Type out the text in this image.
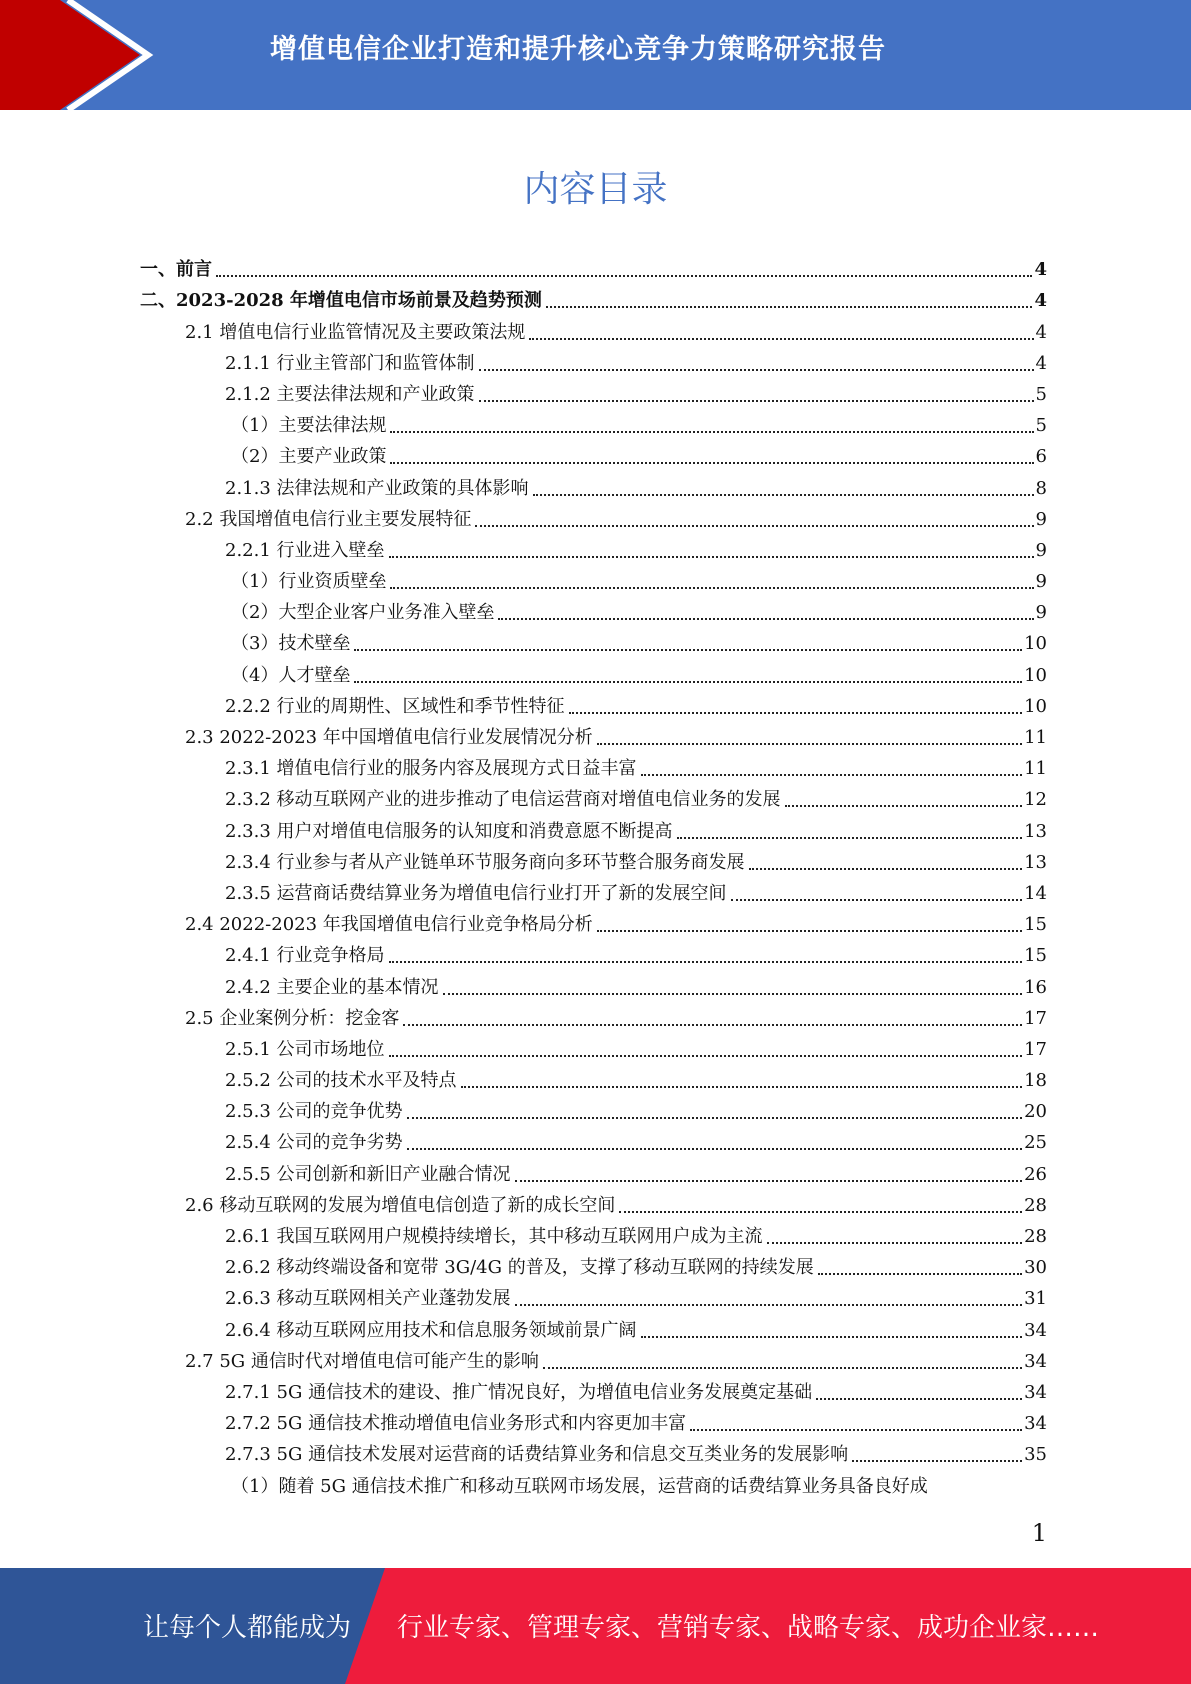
增值电信企业打造和提升核心竞争力策略研究报告
内容目录
一、前言	4
二、2023-2028 年增值电信市场前景及趋势预测	4
2.1 增值电信行业监管情况及主要政策法规	4
2.1.1 行业主管部门和监管体制	4
2.1.2 主要法律法规和产业政策	5
（1）主要法律法规	5
（2）主要产业政策	6
2.1.3 法律法规和产业政策的具体影响	8
2.2 我国增值电信行业主要发展特征	9
2.2.1 行业进入壁垒	9
（1）行业资质壁垒	9
（2）大型企业客户业务准入壁垒	9
（3）技术壁垒	10
（4）人才壁垒	10
2.2.2 行业的周期性、区域性和季节性特征	10
2.3 2022-2023 年中国增值电信行业发展情况分析	11
2.3.1 增值电信行业的服务内容及展现方式日益丰富	11
2.3.2 移动互联网产业的进步推动了电信运营商对增值电信业务的发展	12
2.3.3 用户对增值电信服务的认知度和消费意愿不断提高	13
2.3.4 行业参与者从产业链单环节服务商向多环节整合服务商发展	13
2.3.5 运营商话费结算业务为增值电信行业打开了新的发展空间	14
2.4 2022-2023 年我国增值电信行业竞争格局分析	15
2.4.1 行业竞争格局	15
2.4.2 主要企业的基本情况	16
2.5 企业案例分析：挖金客	17
2.5.1 公司市场地位	17
2.5.2 公司的技术水平及特点	18
2.5.3 公司的竞争优势	20
2.5.4 公司的竞争劣势	25
2.5.5 公司创新和新旧产业融合情况	26
2.6 移动互联网的发展为增值电信创造了新的成长空间	28
2.6.1 我国互联网用户规模持续增长，其中移动互联网用户成为主流	28
2.6.2 移动终端设备和宽带 3G/4G 的普及，支撑了移动互联网的持续发展	30
2.6.3 移动互联网相关产业蓬勃发展	31
2.6.4 移动互联网应用技术和信息服务领域前景广阔	34
2.7 5G 通信时代对增值电信可能产生的影响	34
2.7.1 5G 通信技术的建设、推广情况良好，为增值电信业务发展奠定基础	34
2.7.2 5G 通信技术推动增值电信业务形式和内容更加丰富	34
2.7.3 5G 通信技术发展对运营商的话费结算业务和信息交互类业务的发展影响	35
（1）随着 5G 通信技术推广和移动互联网市场发展，运营商的话费结算业务具备良好成
1
让每个人都能成为 行业专家、管理专家、营销专家、战略专家、成功企业家……
